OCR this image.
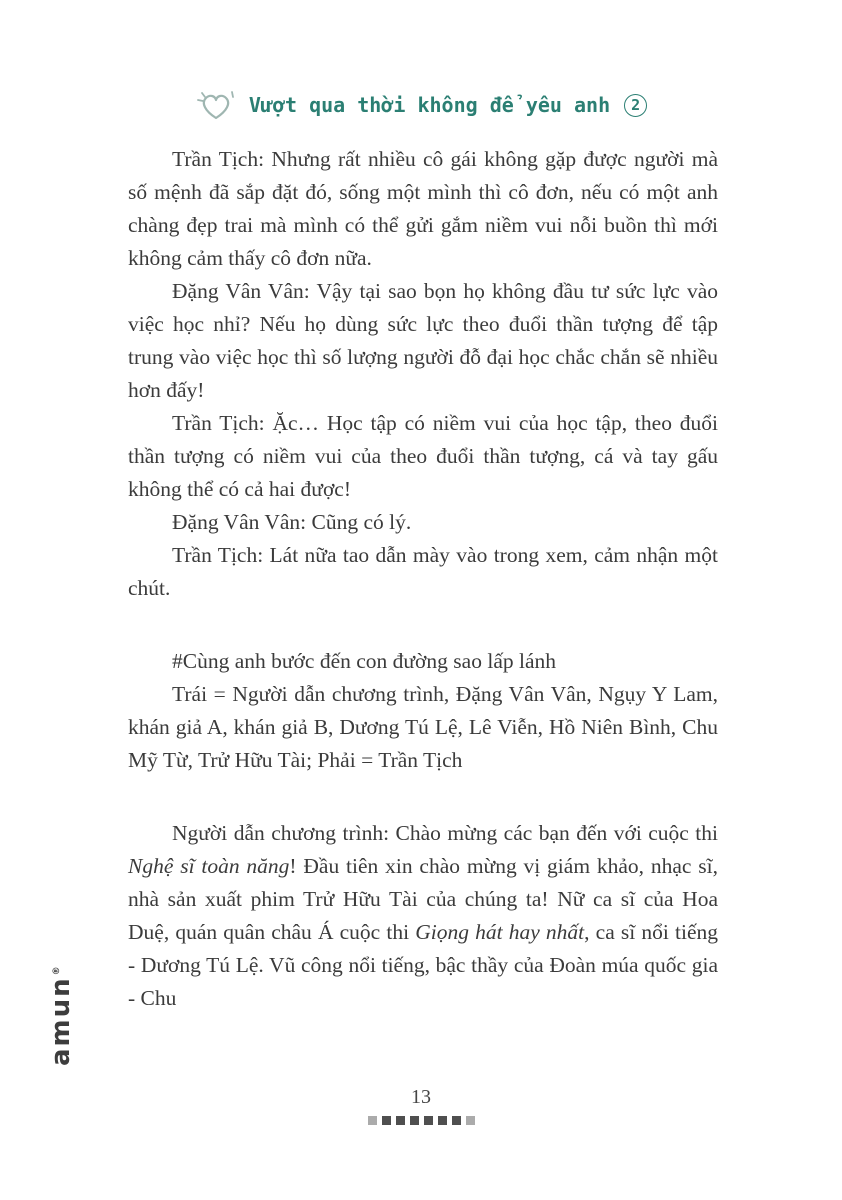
Vượt qua thời không để yêu anh	2

Trần Tịch: Nhưng rất nhiều cô gái không gặp được người mà số mệnh đã sắp đặt đó, sống một mình thì cô đơn, nếu có một anh chàng đẹp trai mà mình có thể gửi gắm niềm vui nỗi buồn thì mới không cảm thấy cô đơn nữa.

Đặng Vân Vân: Vậy tại sao bọn họ không đầu tư sức lực vào việc học nhỉ? Nếu họ dùng sức lực theo đuổi thần tượng để tập trung vào việc học thì số lượng người đỗ đại học chắc chắn sẽ nhiều hơn đấy!

Trần Tịch: Ặc… Học tập có niềm vui của học tập, theo đuổi thần tượng có niềm vui của theo đuổi thần tượng, cá và tay gấu không thể có cả hai được!

Đặng Vân Vân: Cũng có lý.

Trần Tịch: Lát nữa tao dẫn mày vào trong xem, cảm nhận một chút.

#Cùng anh bước đến con đường sao lấp lánh

Trái = Người dẫn chương trình, Đặng Vân Vân, Ngụy Y Lam, khán giả A, khán giả B, Dương Tú Lệ, Lê Viễn, Hồ Niên Bình, Chu Mỹ Từ, Trử Hữu Tài; Phải = Trần Tịch

Người dẫn chương trình: Chào mừng các bạn đến với cuộc thi Nghệ sĩ toàn năng! Đầu tiên xin chào mừng vị giám khảo, nhạc sĩ, nhà sản xuất phim Trử Hữu Tài của chúng ta! Nữ ca sĩ của Hoa Duệ, quán quân châu Á cuộc thi Giọng hát hay nhất, ca sĩ nổi tiếng - Dương Tú Lệ. Vũ công nổi tiếng, bậc thầy của Đoàn múa quốc gia - Chu

13
amun®
